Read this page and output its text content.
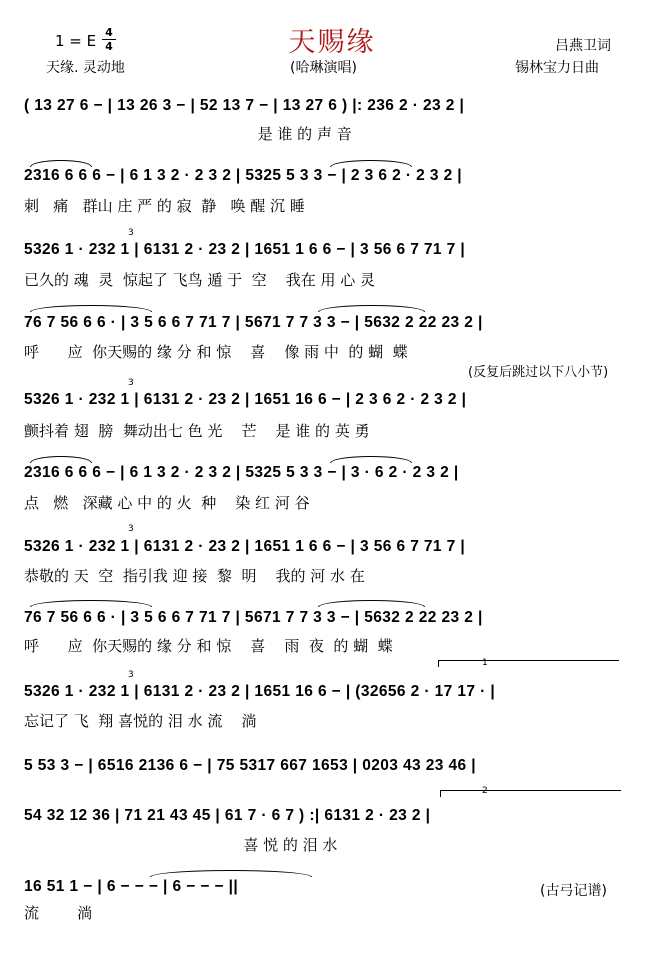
天赐缘
1 = E 4
4
天缘. 灵动地	(哈琳演唱)
吕燕卫词
锡林宝力日曲
( 13 27 6 − | 13 26 3 − | 52 13 7 − | 13 27 6 ) |: 236 2 · 23 2 |
是 谁 的 声 音
2316 6 6 6 − | 6 1 3 2 · 2 3 2 | 5325 5 3 3 − | 2 3 6 2 · 2 3 2 |
刺   痛   群山 庄 严 的 寂  静   唤 醒 沉 睡
3
5326 1 · 232 1 | 6131 2 · 23 2 | 1651 1 6 6 − | 3 56 6 7 71 7 |
已久的 魂  灵  惊起了 飞鸟 遁 于  空    我在 用 心 灵
76 7 56 6 6 · | 3 5 6 6 7 71 7 | 5671 7 7 3 3 − | 5632 2 22 23 2 |
呼      应  你天赐的 缘 分 和 惊    喜    像 雨 中  的 蝴  蝶
(反复后跳过以下八小节)
3
5326 1 · 232 1 | 6131 2 · 23 2 | 1651 16 6 − | 2 3 6 2 · 2 3 2 |
颤抖着 翅  膀  舞动出七 色 光    芒    是 谁 的 英 勇
2316 6 6 6 − | 6 1 3 2 · 2 3 2 | 5325 5 3 3 − | 3 · 6 2 · 2 3 2 |
点   燃   深藏 心 中 的 火  种    染 红 河 谷
3
5326 1 · 232 1 | 6131 2 · 23 2 | 1651 1 6 6 − | 3 56 6 7 71 7 |
恭敬的 天  空  指引我 迎 接  黎  明    我的 河 水 在
76 7 56 6 6 · | 3 5 6 6 7 71 7 | 5671 7 7 3 3 − | 5632 2 22 23 2 |
呼      应  你天赐的 缘 分 和 惊    喜    雨  夜  的 蝴  蝶
1
3
5326 1 · 232 1 | 6131 2 · 23 2 | 1651 16 6 − | (32656 2 · 17 17 · |
忘记了 飞  翔 喜悦的 泪 水 流    淌
5 53 3 − | 6516 2136 6 − | 75 5317 667 1653 | 0203 43 23 46 |
2
54 32 12 36 | 71 21 43 45 | 61 7 · 6 7 ) :| 6131 2 · 23 2 |
喜 悦 的 泪 水
16 51 1 − | 6 − − − | 6 − − − ||
流        淌
(古弓记谱)
